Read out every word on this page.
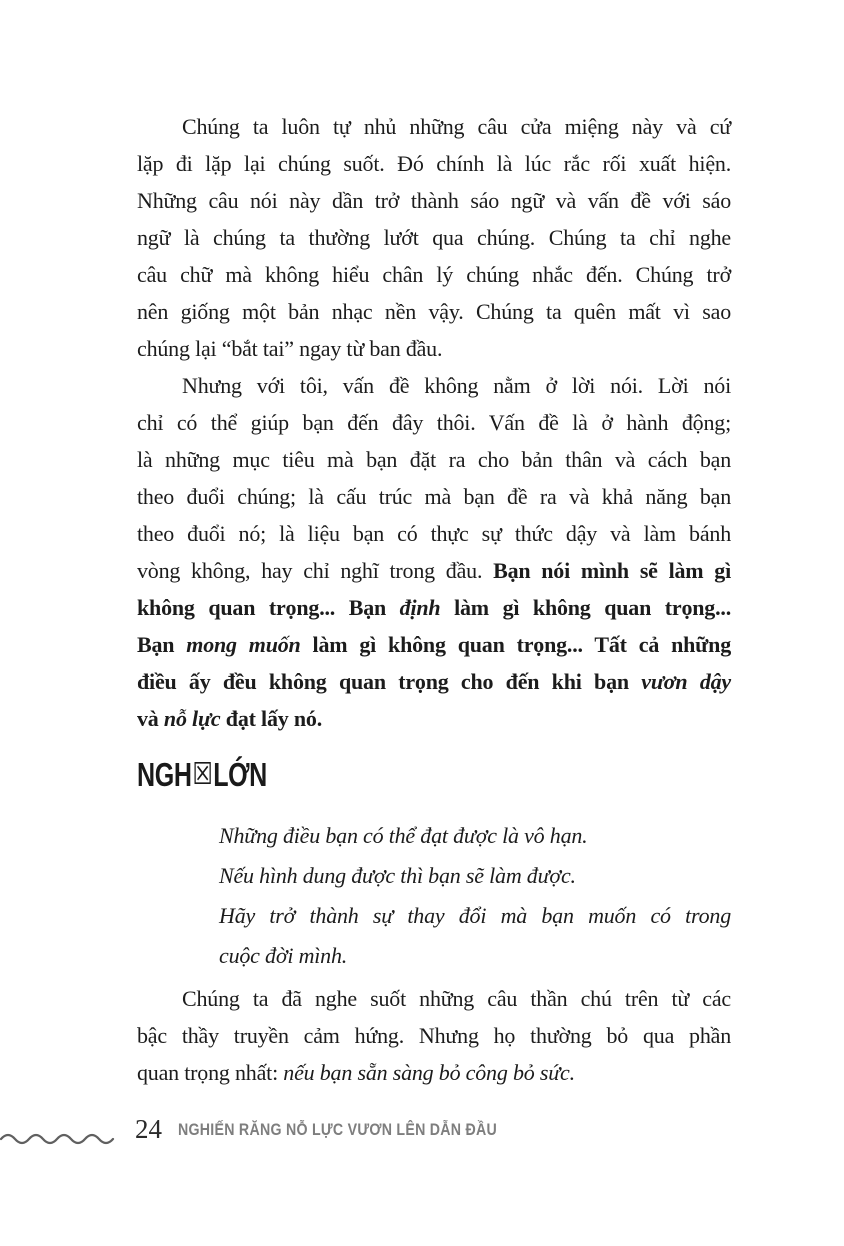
Chúng ta luôn tự nhủ những câu cửa miệng này và cứ
lặp đi lặp lại chúng suốt. Đó chính là lúc rắc rối xuất hiện.
Những câu nói này dần trở thành sáo ngữ và vấn đề với sáo
ngữ là chúng ta thường lướt qua chúng. Chúng ta chỉ nghe
câu chữ mà không hiểu chân lý chúng nhắc đến. Chúng trở
nên giống một bản nhạc nền vậy. Chúng ta quên mất vì sao
chúng lại “bắt tai” ngay từ ban đầu.
Nhưng với tôi, vấn đề không nằm ở lời nói. Lời nói
chỉ có thể giúp bạn đến đây thôi. Vấn đề là ở hành động;
là những mục tiêu mà bạn đặt ra cho bản thân và cách bạn
theo đuổi chúng; là cấu trúc mà bạn đề ra và khả năng bạn
theo đuổi nó; là liệu bạn có thực sự thức dậy và làm bánh
vòng không, hay chỉ nghĩ trong đầu. Bạn nói mình sẽ làm gì
không quan trọng... Bạn định làm gì không quan trọng...
Bạn mong muốn làm gì không quan trọng... Tất cả những
điều ấy đều không quan trọng cho đến khi bạn vươn dậy
và nỗ lực đạt lấy nó.
NGH ☒ LỚN
Những điều bạn có thể đạt được là vô hạn.
Nếu hình dung được thì bạn sẽ làm được.
Hãy trở thành sự thay đổi mà bạn muốn có trong
cuộc đời mình.
Chúng ta đã nghe suốt những câu thần chú trên từ các
bậc thầy truyền cảm hứng. Nhưng họ thường bỏ qua phần
quan trọng nhất: nếu bạn sẵn sàng bỏ công bỏ sức.
24 NGHIẾN RĂNG NỖ LỰC VƯƠN LÊN DẪN ĐẦU
